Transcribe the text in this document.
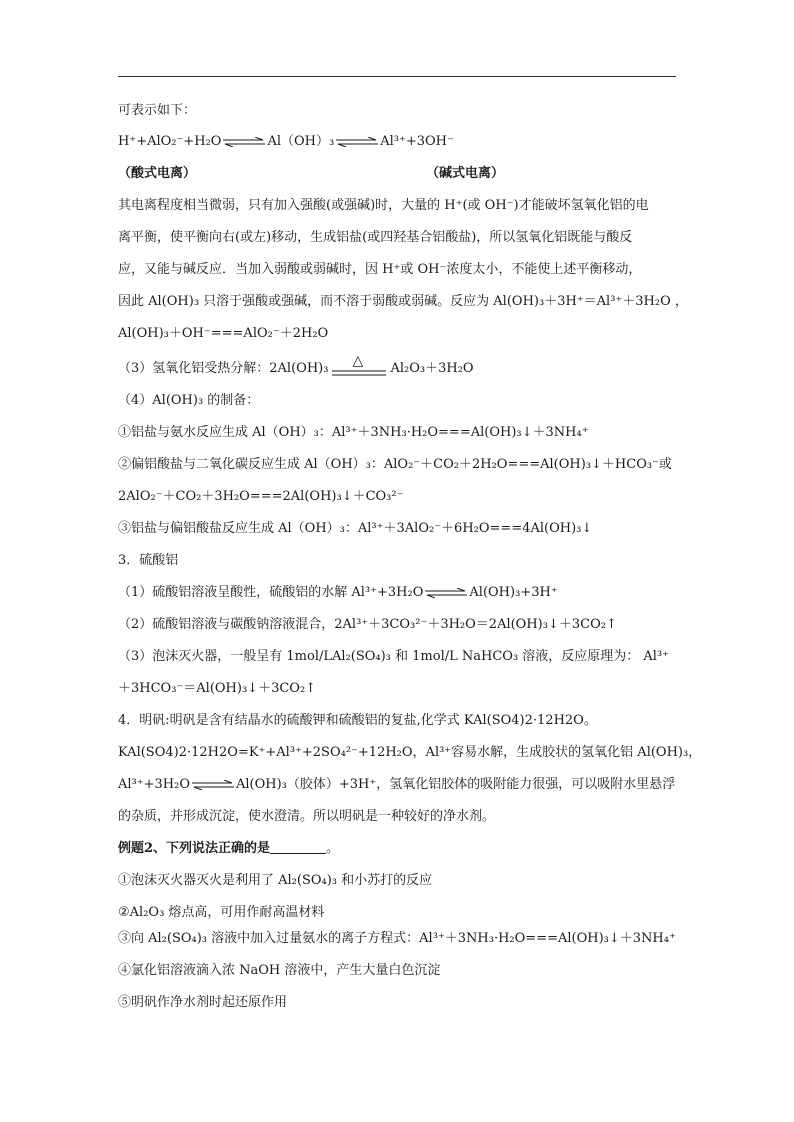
可表示如下：
H⁺+AlO₂⁻+H₂O ⇌ Al（OH）₃ ⇌ Al³⁺+3OH⁻
（酸式电离）	（碱式电离）
其电离程度相当微弱，只有加入强酸(或强碱)时，大量的 H⁺(或 OH⁻)才能破坏氢氧化铝的电
离平衡，使平衡向右(或左)移动，生成铝盐(或四羟基合铝酸盐)，所以氢氧化铝既能与酸反
应，又能与碱反应．当加入弱酸或弱碱时，因 H⁺或 OH⁻浓度太小，不能使上述平衡移动，
因此 Al(OH)₃ 只溶于强酸或强碱，而不溶于弱酸或弱碱。反应为 Al(OH)₃＋3H⁺＝Al³⁺＋3H₂O ，
Al(OH)₃＋OH⁻===AlO₂⁻＋2H₂O
（3）氢氧化铝受热分解：2Al(OH)₃ △ Al₂O₃＋3H₂O
（4）Al(OH)₃ 的制备：
①铝盐与氨水反应生成 Al（OH）₃：Al³⁺＋3NH₃·H₂O===Al(OH)₃↓＋3NH₄⁺
②偏铝酸盐与二氧化碳反应生成 Al（OH）₃：AlO₂⁻＋CO₂＋2H₂O===Al(OH)₃↓＋HCO₃⁻或
2AlO₂⁻＋CO₂＋3H₂O===2Al(OH)₃↓＋CO₃²⁻
③铝盐与偏铝酸盐反应生成 Al（OH）₃：Al³⁺＋3AlO₂⁻＋6H₂O===4Al(OH)₃↓
3．硫酸铝
（1）硫酸铝溶液呈酸性，硫酸铝的水解 Al³⁺+3H₂O ⇌ Al(OH)₃+3H⁺
（2）硫酸铝溶液与碳酸钠溶液混合，2Al³⁺＋3CO₃²⁻＋3H₂O＝2Al(OH)₃↓＋3CO₂↑
（3）泡沫灭火器，一般呈有 1mol/LAl₂(SO₄)₃ 和 1mol/L NaHCO₃ 溶液，反应原理为： Al³⁺
＋3HCO₃⁻＝Al(OH)₃↓＋3CO₂↑
4．明矾:明矾是含有结晶水的硫酸钾和硫酸铝的复盐,化学式 KAl(SO4)2·12H2O。
KAl(SO4)2·12H2O=K⁺+Al³⁺+2SO₄²⁻+12H₂O，Al³⁺容易水解，生成胶状的氢氧化铝 Al(OH)₃，
Al³⁺+3H₂O ⇌ Al(OH)₃（胶体）+3H⁺，氢氧化铝胶体的吸附能力很强，可以吸附水里悬浮
的杂质，并形成沉淀，使水澄清。所以明矾是一种较好的净水剂。
例题2、下列说法正确的是	。
①泡沫灭火器灭火是利用了 Al₂(SO₄)₃ 和小苏打的反应
②Al₂O₃ 熔点高，可用作耐高温材料
③向 Al₂(SO₄)₃ 溶液中加入过量氨水的离子方程式：Al³⁺＋3NH₃·H₂O===Al(OH)₃↓＋3NH₄⁺
④氯化铝溶液滴入浓 NaOH 溶液中，产生大量白色沉淀
⑤明矾作净水剂时起还原作用
